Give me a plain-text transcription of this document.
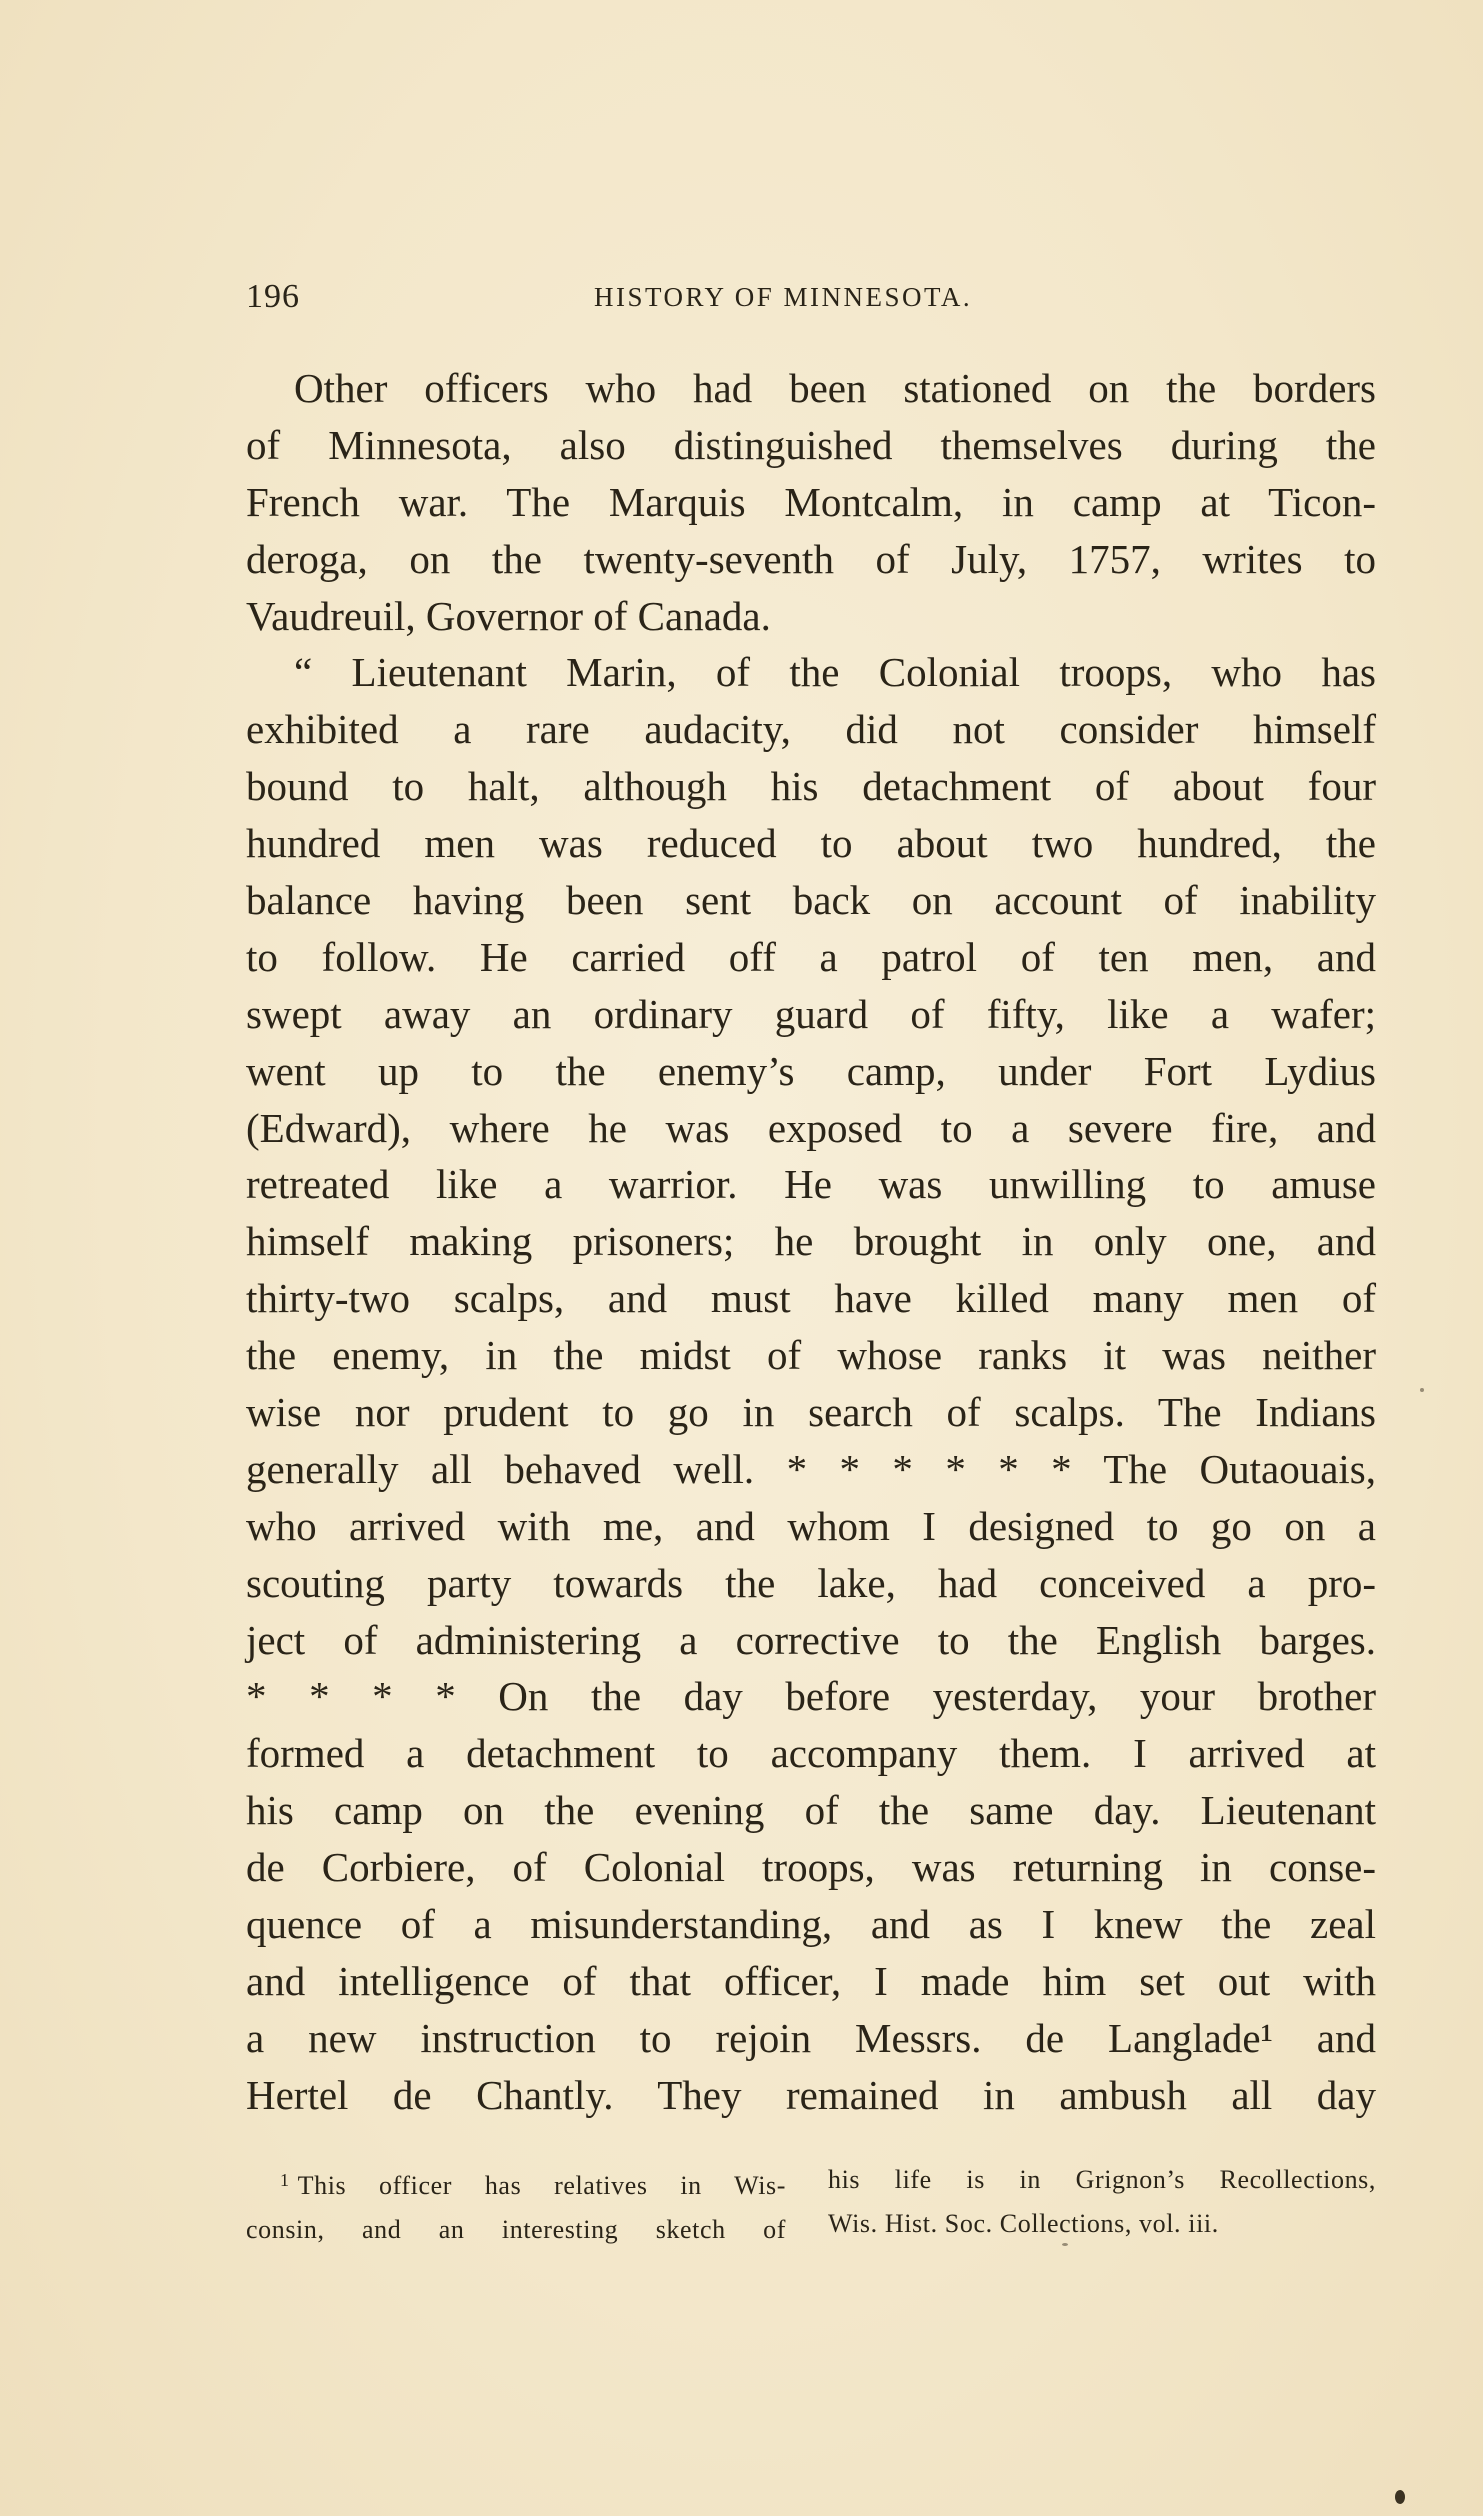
196	HISTORY OF MINNESOTA.
Other officers who had been stationed on the borders
of Minnesota, also distinguished themselves during the
French war. The Marquis Montcalm, in camp at Ticon-
deroga, on the twenty-seventh of July, 1757, writes to
Vaudreuil, Governor of Canada.
“ Lieutenant Marin, of the Colonial troops, who has
exhibited a rare audacity, did not consider himself
bound to halt, although his detachment of about four
hundred men was reduced to about two hundred, the
balance having been sent back on account of inability
to follow. He carried off a patrol of ten men, and
swept away an ordinary guard of fifty, like a wafer;
went up to the enemy’s camp, under Fort Lydius
(Edward), where he was exposed to a severe fire, and
retreated like a warrior. He was unwilling to amuse
himself making prisoners; he brought in only one, and
thirty-two scalps, and must have killed many men of
the enemy, in the midst of whose ranks it was neither
wise nor prudent to go in search of scalps. The Indians
generally all behaved well. * * * * * * The Outaouais,
who arrived with me, and whom I designed to go on a
scouting party towards the lake, had conceived a pro-
ject of administering a corrective to the English barges.
* * * * On the day before yesterday, your brother
formed a detachment to accompany them. I arrived at
his camp on the evening of the same day. Lieutenant
de Corbiere, of Colonial troops, was returning in conse-
quence of a misunderstanding, and as I knew the zeal
and intelligence of that officer, I made him set out with
a new instruction to rejoin Messrs. de Langlade¹ and
Hertel de Chantly. They remained in ambush all day
$^1$ This officer has relatives in Wis-
consin, and an interesting sketch of
his life is in Grignon’s Recollections,
Wis. Hist. Soc. Collections, vol. iii.
